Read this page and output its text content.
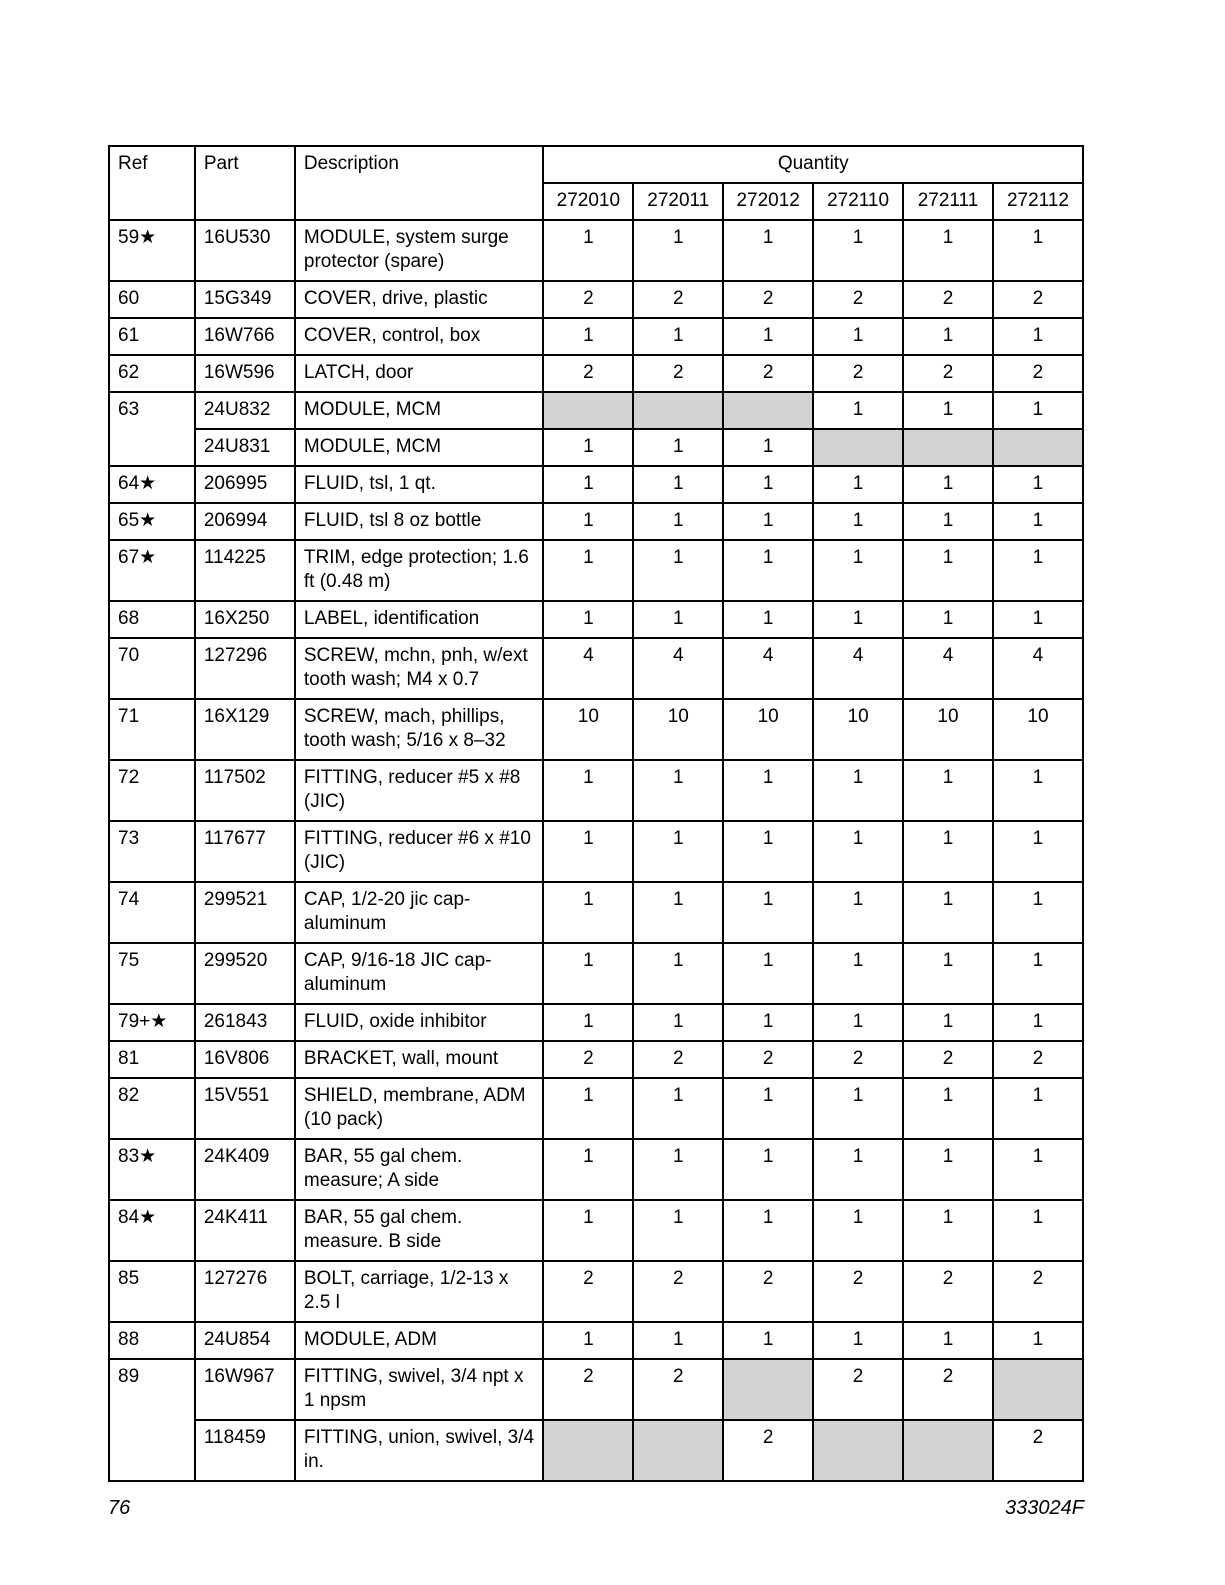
Ref	Part	Description	Quantity					
			272010	272011	272012	272110	272111	272112
59★	16U530	MODULE, system surge protector (spare)	1	1	1	1	1	1
60	15G349	COVER, drive, plastic	2	2	2	2	2	2
61	16W766	COVER, control, box	1	1	1	1	1	1
62	16W596	LATCH, door	2	2	2	2	2	2
63	24U832	MODULE, MCM				1	1	1
	24U831	MODULE, MCM	1	1	1			
64★	206995	FLUID, tsl, 1 qt.	1	1	1	1	1	1
65★	206994	FLUID, tsl 8 oz bottle	1	1	1	1	1	1
67★	114225	TRIM, edge protection; 1.6 ft (0.48 m)	1	1	1	1	1	1
68	16X250	LABEL, identification	1	1	1	1	1	1
70	127296	SCREW, mchn, pnh, w/ext tooth wash; M4 x 0.7	4	4	4	4	4	4
71	16X129	SCREW, mach, phillips, tooth wash; 5/16 x 8–32	10	10	10	10	10	10
72	117502	FITTING, reducer #5 x #8 (JIC)	1	1	1	1	1	1
73	117677	FITTING, reducer #6 x #10 (JIC)	1	1	1	1	1	1
74	299521	CAP, 1/2-20 jic cap-aluminum	1	1	1	1	1	1
75	299520	CAP, 9/16-18 JIC cap-aluminum	1	1	1	1	1	1
79+★	261843	FLUID, oxide inhibitor	1	1	1	1	1	1
81	16V806	BRACKET, wall, mount	2	2	2	2	2	2
82	15V551	SHIELD, membrane, ADM (10 pack)	1	1	1	1	1	1
83★	24K409	BAR, 55 gal chem. measure; A side	1	1	1	1	1	1
84★	24K411	BAR, 55 gal chem. measure. B side	1	1	1	1	1	1
85	127276	BOLT, carriage, 1/2-13 x 2.5 l	2	2	2	2	2	2
88	24U854	MODULE, ADM	1	1	1	1	1	1
89	16W967	FITTING, swivel, 3/4 npt x 1 npsm	2	2		2	2	
	118459	FITTING, union, swivel, 3/4 in.			2			2
76	333024F
